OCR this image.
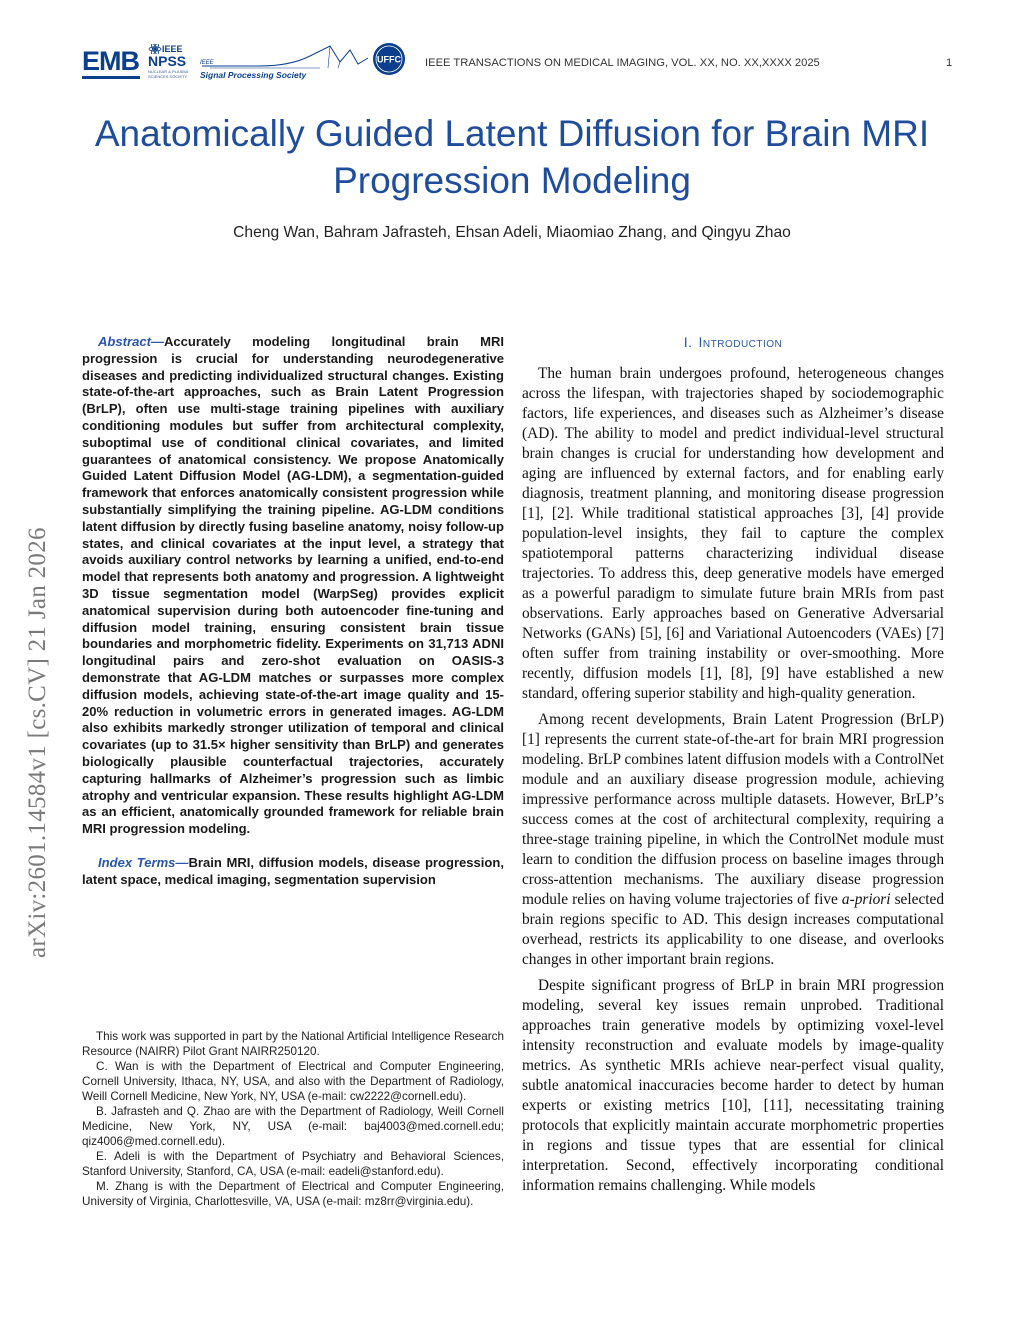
EMB	IEEE
NPSS
NUCLEAR & PLASMA SCIENCES SOCIETY
IEEE
Signal Processing Society
UFFC IEEE TRANSACTIONS ON MEDICAL IMAGING, VOL. XX, NO. XX,XXXX 2025	1
Anatomically Guided Latent Diffusion for Brain MRI Progression Modeling
Cheng Wan, Bahram Jafrasteh, Ehsan Adeli, Miaomiao Zhang, and Qingyu Zhao
arXiv:2601.14584v1 [cs.CV] 21 Jan 2026

Abstract—Accurately modeling longitudinal brain MRI progression is crucial for understanding neurodegenerative diseases and predicting individualized structural changes. Existing state-of-the-art approaches, such as Brain Latent Progression (BrLP), often use multi-stage training pipelines with auxiliary conditioning modules but suffer from architectural complexity, suboptimal use of conditional clinical covariates, and limited guarantees of anatomical consistency. We propose Anatomically Guided Latent Diffusion Model (AG-LDM), a segmentation-guided framework that enforces anatomically consistent progression while substantially simplifying the training pipeline. AG-LDM conditions latent diffusion by directly fusing baseline anatomy, noisy follow-up states, and clinical covariates at the input level, a strategy that avoids auxiliary control networks by learning a unified, end-to-end model that represents both anatomy and progression. A lightweight 3D tissue segmentation model (WarpSeg) provides explicit anatomical supervision during both autoencoder fine-tuning and diffusion model training, ensuring consistent brain tissue boundaries and morphometric fidelity. Experiments on 31,713 ADNI longitudinal pairs and zero-shot evaluation on OASIS-3 demonstrate that AG-LDM matches or surpasses more complex diffusion models, achieving state-of-the-art image quality and 15-20% reduction in volumetric errors in generated images. AG-LDM also exhibits markedly stronger utilization of temporal and clinical covariates (up to 31.5× higher sensitivity than BrLP) and generates biologically plausible counterfactual trajectories, accurately capturing hallmarks of Alzheimer’s progression such as limbic atrophy and ventricular expansion. These results highlight AG-LDM as an efficient, anatomically grounded framework for reliable brain MRI progression modeling.

Index Terms—Brain MRI, diffusion models, disease progression, latent space, medical imaging, segmentation supervision

This work was supported in part by the National Artificial Intelligence Research Resource (NAIRR) Pilot Grant NAIRR250120.

C. Wan is with the Department of Electrical and Computer Engineering, Cornell University, Ithaca, NY, USA, and also with the Department of Radiology, Weill Cornell Medicine, New York, NY, USA (e-mail: cw2222@cornell.edu).

B. Jafrasteh and Q. Zhao are with the Department of Radiology, Weill Cornell Medicine, New York, NY, USA (e-mail: baj4003@med.cornell.edu; qiz4006@med.cornell.edu).

E. Adeli is with the Department of Psychiatry and Behavioral Sciences, Stanford University, Stanford, CA, USA (e-mail: eadeli@stanford.edu).

M. Zhang is with the Department of Electrical and Computer Engineering, University of Virginia, Charlottesville, VA, USA (e-mail: mz8rr@virginia.edu).

I. Introduction

The human brain undergoes profound, heterogeneous changes across the lifespan, with trajectories shaped by sociodemographic factors, life experiences, and diseases such as Alzheimer’s disease (AD). The ability to model and predict individual-level structural brain changes is crucial for understanding how development and aging are influenced by external factors, and for enabling early diagnosis, treatment planning, and monitoring disease progression [1], [2]. While traditional statistical approaches [3], [4] provide population-level insights, they fail to capture the complex spatiotemporal patterns characterizing individual disease trajectories. To address this, deep generative models have emerged as a powerful paradigm to simulate future brain MRIs from past observations. Early approaches based on Generative Adversarial Networks (GANs) [5], [6] and Variational Autoencoders (VAEs) [7] often suffer from training instability or over-smoothing. More recently, diffusion models [1], [8], [9] have established a new standard, offering superior stability and high-quality generation.

Among recent developments, Brain Latent Progression (BrLP) [1] represents the current state-of-the-art for brain MRI progression modeling. BrLP combines latent diffusion models with a ControlNet module and an auxiliary disease progression module, achieving impressive performance across multiple datasets. However, BrLP’s success comes at the cost of architectural complexity, requiring a three-stage training pipeline, in which the ControlNet module must learn to condition the diffusion process on baseline images through cross-attention mechanisms. The auxiliary disease progression module relies on having volume trajectories of five a-priori selected brain regions specific to AD. This design increases computational overhead, restricts its applicability to one disease, and overlooks changes in other important brain regions.

Despite significant progress of BrLP in brain MRI progression modeling, several key issues remain unprobed. Traditional approaches train generative models by optimizing voxel-level intensity reconstruction and evaluate models by image-quality metrics. As synthetic MRIs achieve near-perfect visual quality, subtle anatomical inaccuracies become harder to detect by human experts or existing metrics [10], [11], necessitating training protocols that explicitly maintain accurate morphometric properties in regions and tissue types that are essential for clinical interpretation. Second, effectively incorporating conditional information remains challenging. While models
